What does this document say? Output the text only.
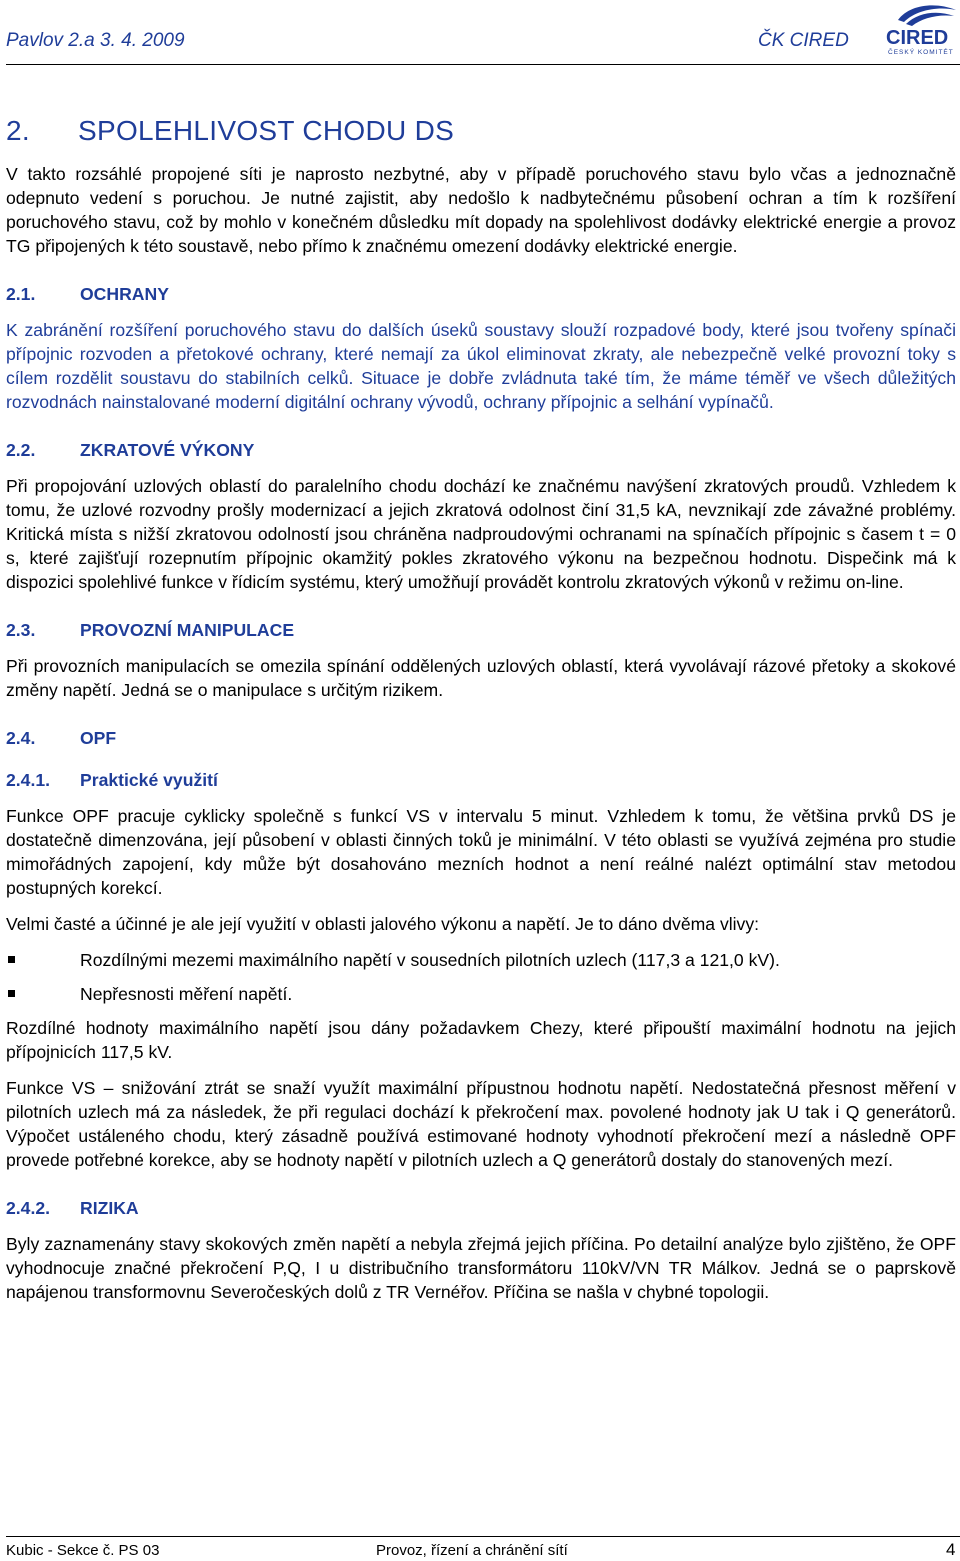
Pavlov 2.a 3. 4. 2009	ČK CIRED CIRED
ČESKÝ KOMITÉT
2. SPOLEHLIVOST CHODU DS

V takto rozsáhlé propojené síti je naprosto nezbytné, aby v případě poruchového stavu bylo včas a jednoznačně odepnuto vedení s poruchou. Je nutné zajistit, aby nedošlo k nadbytečnému působení ochran a tím k rozšíření poruchového stavu, což by mohlo v konečném důsledku mít dopady na spolehlivost dodávky elektrické energie a provoz TG připojených k této soustavě, nebo přímo k značnému omezení dodávky elektrické energie.

2.1.	OCHRANY

K zabránění rozšíření poruchového stavu do dalších úseků soustavy slouží rozpadové body, které jsou tvořeny spínači přípojnic rozvoden a přetokové ochrany, které nemají za úkol eliminovat zkraty, ale nebezpečně velké provozní toky s cílem rozdělit soustavu do stabilních celků. Situace je dobře zvládnuta také tím, že máme téměř ve všech důležitých rozvodnách nainstalované moderní digitální ochrany vývodů, ochrany přípojnic a selhání vypínačů.

2.2.	ZKRATOVÉ VÝKONY

Při propojování uzlových oblastí do paralelního chodu dochází ke značnému navýšení zkratových proudů. Vzhledem k tomu, že uzlové rozvodny prošly modernizací a jejich zkratová odolnost činí 31,5 kA, nevznikají zde závažné problémy. Kritická místa s nižší zkratovou odolností jsou chráněna nadproudovými ochranami na spínačích přípojnic s časem t = 0 s, které zajišťují rozepnutím přípojnic okamžitý pokles zkratového výkonu na bezpečnou hodnotu. Dispečink má k dispozici spolehlivé funkce v řídicím systému, který umožňují provádět kontrolu zkratových výkonů v režimu on-line.

2.3.	PROVOZNÍ MANIPULACE

Při provozních manipulacích se omezila spínání oddělených uzlových oblastí, která vyvolávají rázové přetoky a skokové změny napětí. Jedná se o manipulace s určitým rizikem.

2.4.	OPF
2.4.1. Praktické využití

Funkce OPF pracuje cyklicky společně s funkcí VS v intervalu 5 minut. Vzhledem k tomu, že většina prvků DS je dostatečně dimenzována, její působení v oblasti činných toků je minimální. V této oblasti se využívá zejména pro studie mimořádných zapojení, kdy může být dosahováno mezních hodnot a není reálné nalézt optimální stav metodou postupných korekcí.

Velmi časté a účinné je ale její využití v oblasti jalového výkonu a napětí. Je to dáno dvěma vlivy:

Rozdílnými mezemi maximálního napětí v sousedních pilotních uzlech (117,3 a 121,0 kV).
Nepřesnosti měření napětí.

Rozdílné hodnoty maximálního napětí jsou dány požadavkem Chezy, které připouští maximální hodnotu na jejich přípojnicích 117,5 kV.

Funkce VS – snižování ztrát se snaží využít maximální přípustnou hodnotu napětí. Nedostatečná přesnost měření v pilotních uzlech má za následek, že při regulaci dochází k překročení max. povolené hodnoty jak U tak i Q generátorů. Výpočet ustáleného chodu, který zásadně používá estimované hodnoty vyhodnotí překročení mezí a následně OPF provede potřebné korekce, aby se hodnoty napětí v pilotních uzlech a Q generátorů dostaly do stanovených mezí.

2.4.2. RIZIKA

Byly zaznamenány stavy skokových změn napětí a nebyla zřejmá jejich příčina. Po detailní analýze bylo zjištěno, že OPF vyhodnocuje značné překročení P,Q, I u distribučního transformátoru 110kV/VN TR Málkov. Jedná se o paprskově napájenou transformovnu Severočeských dolů z TR Vernéřov. Příčina se našla v chybné topologii.

Kubic - Sekce č. PS 03	Provoz, řízení a chránění sítí	4
